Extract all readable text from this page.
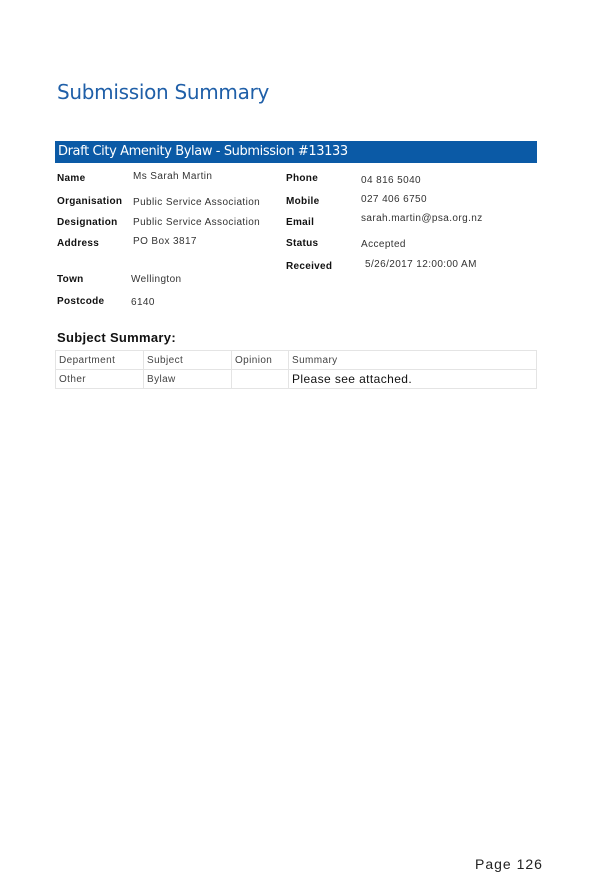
Submission Summary
Draft City Amenity Bylaw - Submission #13133
Name	Ms Sarah Martin
Organisation Public Service Association
Designation Public Service Association
Address	PO Box 3817
Town	Wellington
Postcode	6140
Phone	04 816 5040
Mobile	027 406 6750
Email	sarah.martin@psa.org.nz
Status	Accepted
Received	5/26/2017 12:00:00 AM
Subject Summary:
Department	Subject	Opinion	Summary
Other	Bylaw		Please see attached.
Page 126
